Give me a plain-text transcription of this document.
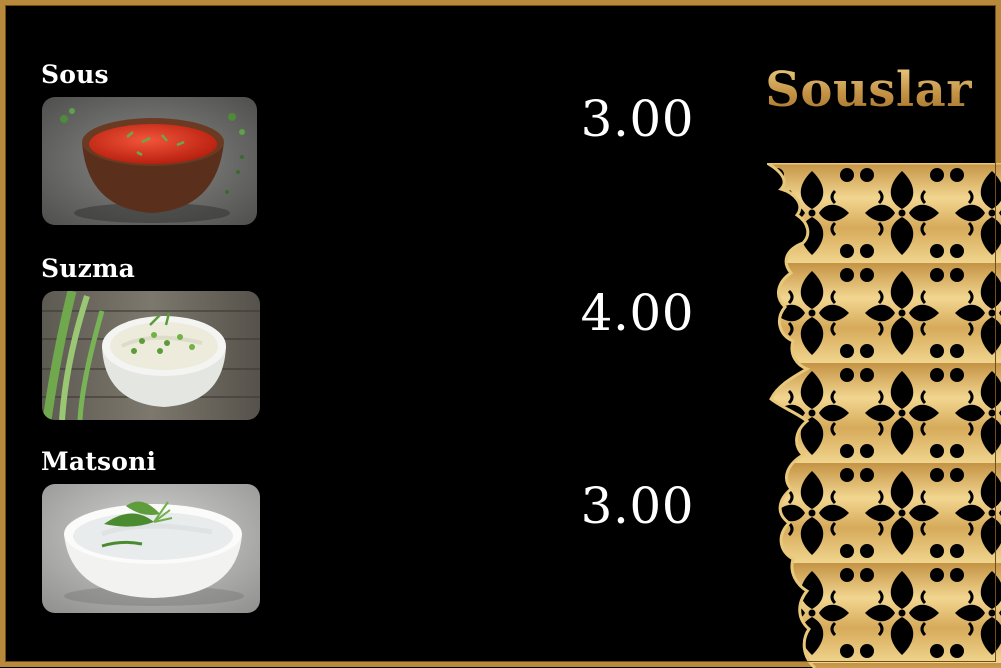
Sous
3.00
Suzma
4.00
Matsoni
3.00
Souslar
